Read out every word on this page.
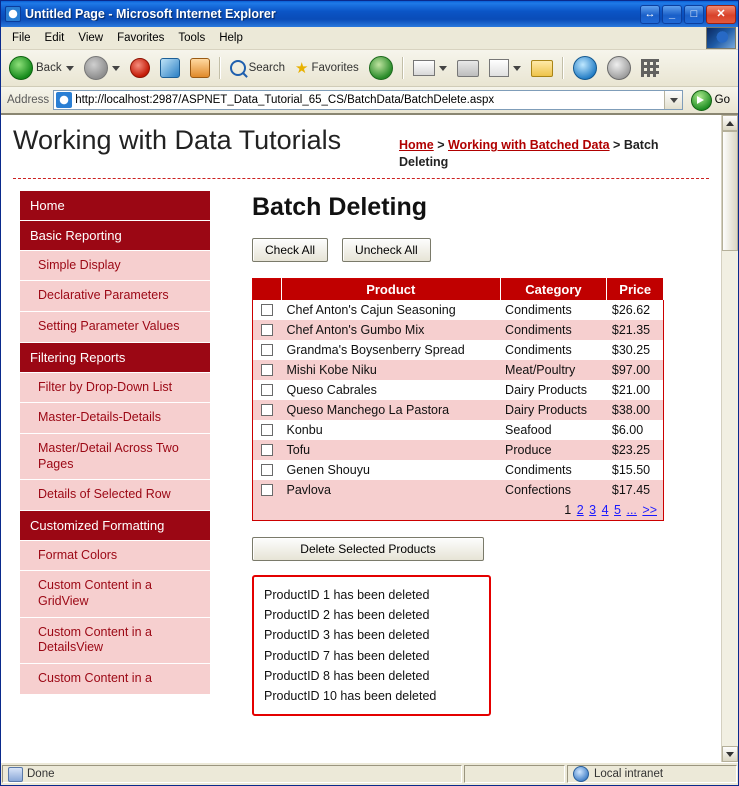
Untitled Page - Microsoft Internet Explorer	↔	_	□	✕
File	Edit	View	Favorites	Tools	Help
Back	Search ★ Favorites
Address http://localhost:2987/ASPNET_Data_Tutorial_65_CS/BatchData/BatchDelete.aspx	Go
Working with Data Tutorials	Home > Working with Batched Data > Batch Deleting
Home
Basic Reporting
Simple Display
Declarative Parameters
Setting Parameter Values
Filtering Reports
Filter by Drop-Down List
Master-Details-Details
Master/Detail Across Two Pages
Details of Selected Row
Customized Formatting
Format Colors
Custom Content in a GridView
Custom Content in a DetailsView
Custom Content in a
Batch Deleting
Check All	Uncheck All
	Product	Category	Price
	Chef Anton's Cajun Seasoning	Condiments	$26.62
	Chef Anton's Gumbo Mix	Condiments	$21.35
	Grandma's Boysenberry Spread	Condiments	$30.25
	Mishi Kobe Niku	Meat/Poultry	$97.00
	Queso Cabrales	Dairy Products	$21.00
	Queso Manchego La Pastora	Dairy Products	$38.00
	Konbu	Seafood	$6.00
	Tofu	Produce	$23.25
	Genen Shouyu	Condiments	$15.50
	Pavlova	Confections	$17.45
1 2 3 4 5 ... >>			
Delete Selected Products
ProductID 1 has been deleted
ProductID 2 has been deleted
ProductID 3 has been deleted
ProductID 7 has been deleted
ProductID 8 has been deleted
ProductID 10 has been deleted
Done	Local intranet
